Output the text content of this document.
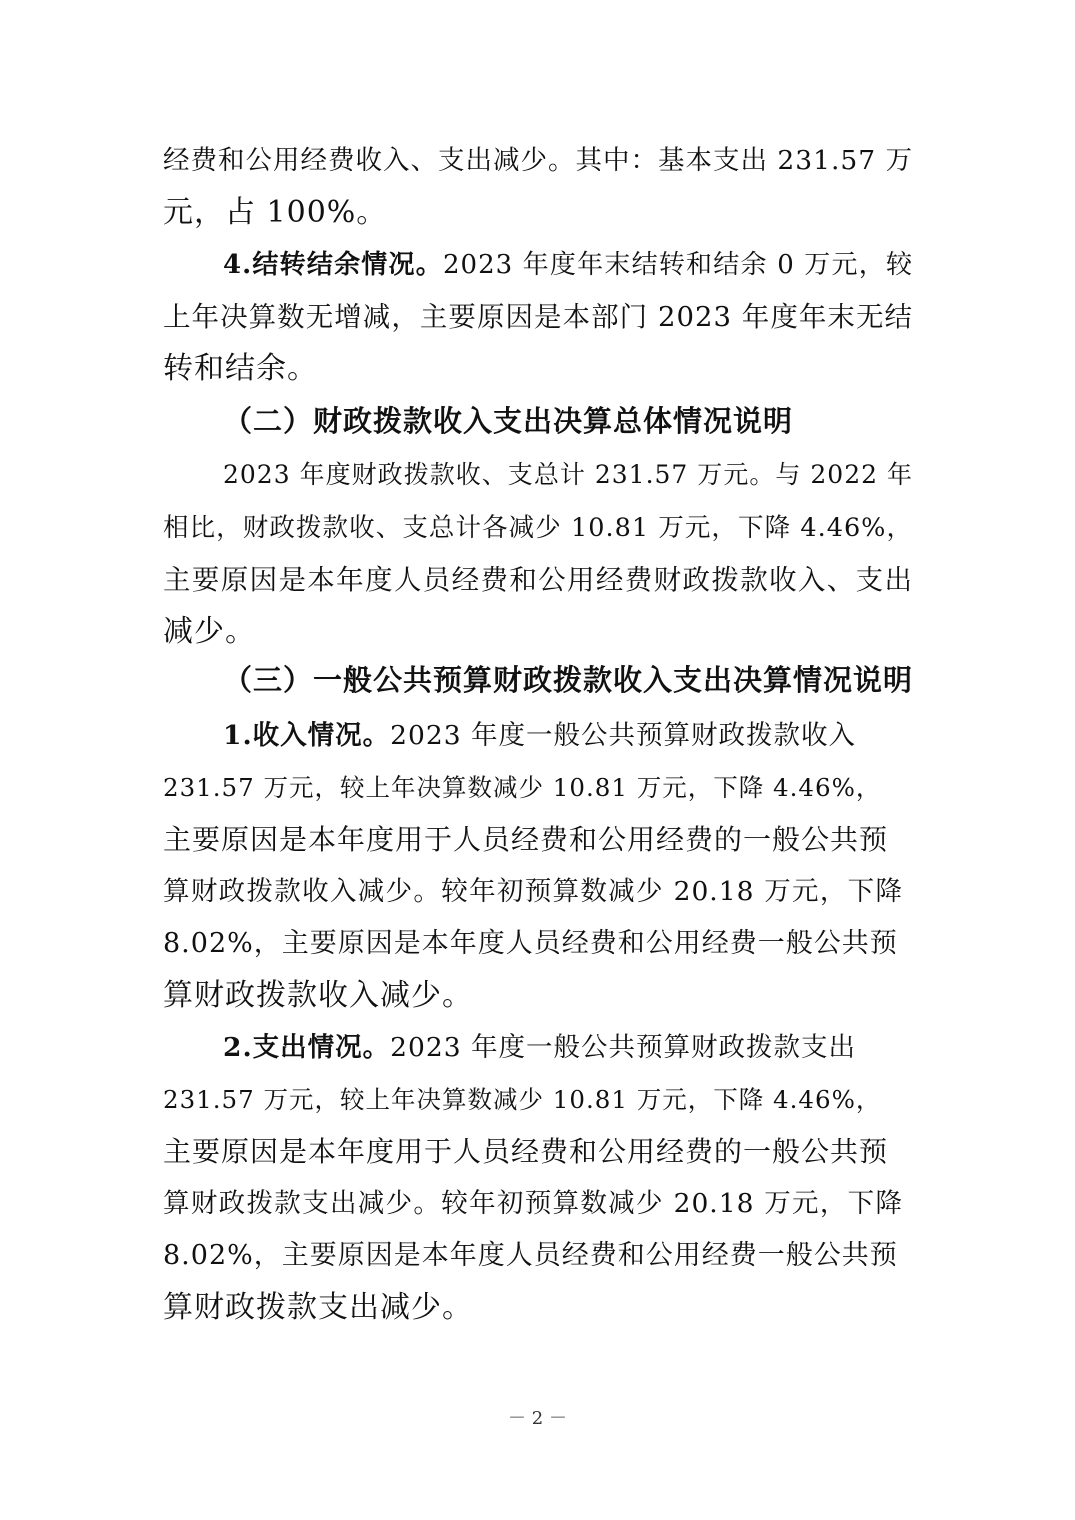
经费和公用经费收入、支出减少。其中：基本支出 231.57 万
元，占 100%。
4.结转结余情况。2023 年度年末结转和结余 0 万元，较
上年决算数无增减，主要原因是本部门 2023 年度年末无结
转和结余。
（二）财政拨款收入支出决算总体情况说明
2023 年度财政拨款收、支总计 231.57 万元。与 2022 年
相比，财政拨款收、支总计各减少 10.81 万元，下降 4.46%，
主要原因是本年度人员经费和公用经费财政拨款收入、支出
减少。
（三）一般公共预算财政拨款收入支出决算情况说明
1.收入情况。2023 年度一般公共预算财政拨款收入
231.57 万元，较上年决算数减少 10.81 万元，下降 4.46%，
主要原因是本年度用于人员经费和公用经费的一般公共预
算财政拨款收入减少。较年初预算数减少 20.18 万元，下降
8.02%，主要原因是本年度人员经费和公用经费一般公共预
算财政拨款收入减少。
2.支出情况。2023 年度一般公共预算财政拨款支出
231.57 万元，较上年决算数减少 10.81 万元，下降 4.46%，
主要原因是本年度用于人员经费和公用经费的一般公共预
算财政拨款支出减少。较年初预算数减少 20.18 万元，下降
8.02%，主要原因是本年度人员经费和公用经费一般公共预
算财政拨款支出减少。
－ 2 －
